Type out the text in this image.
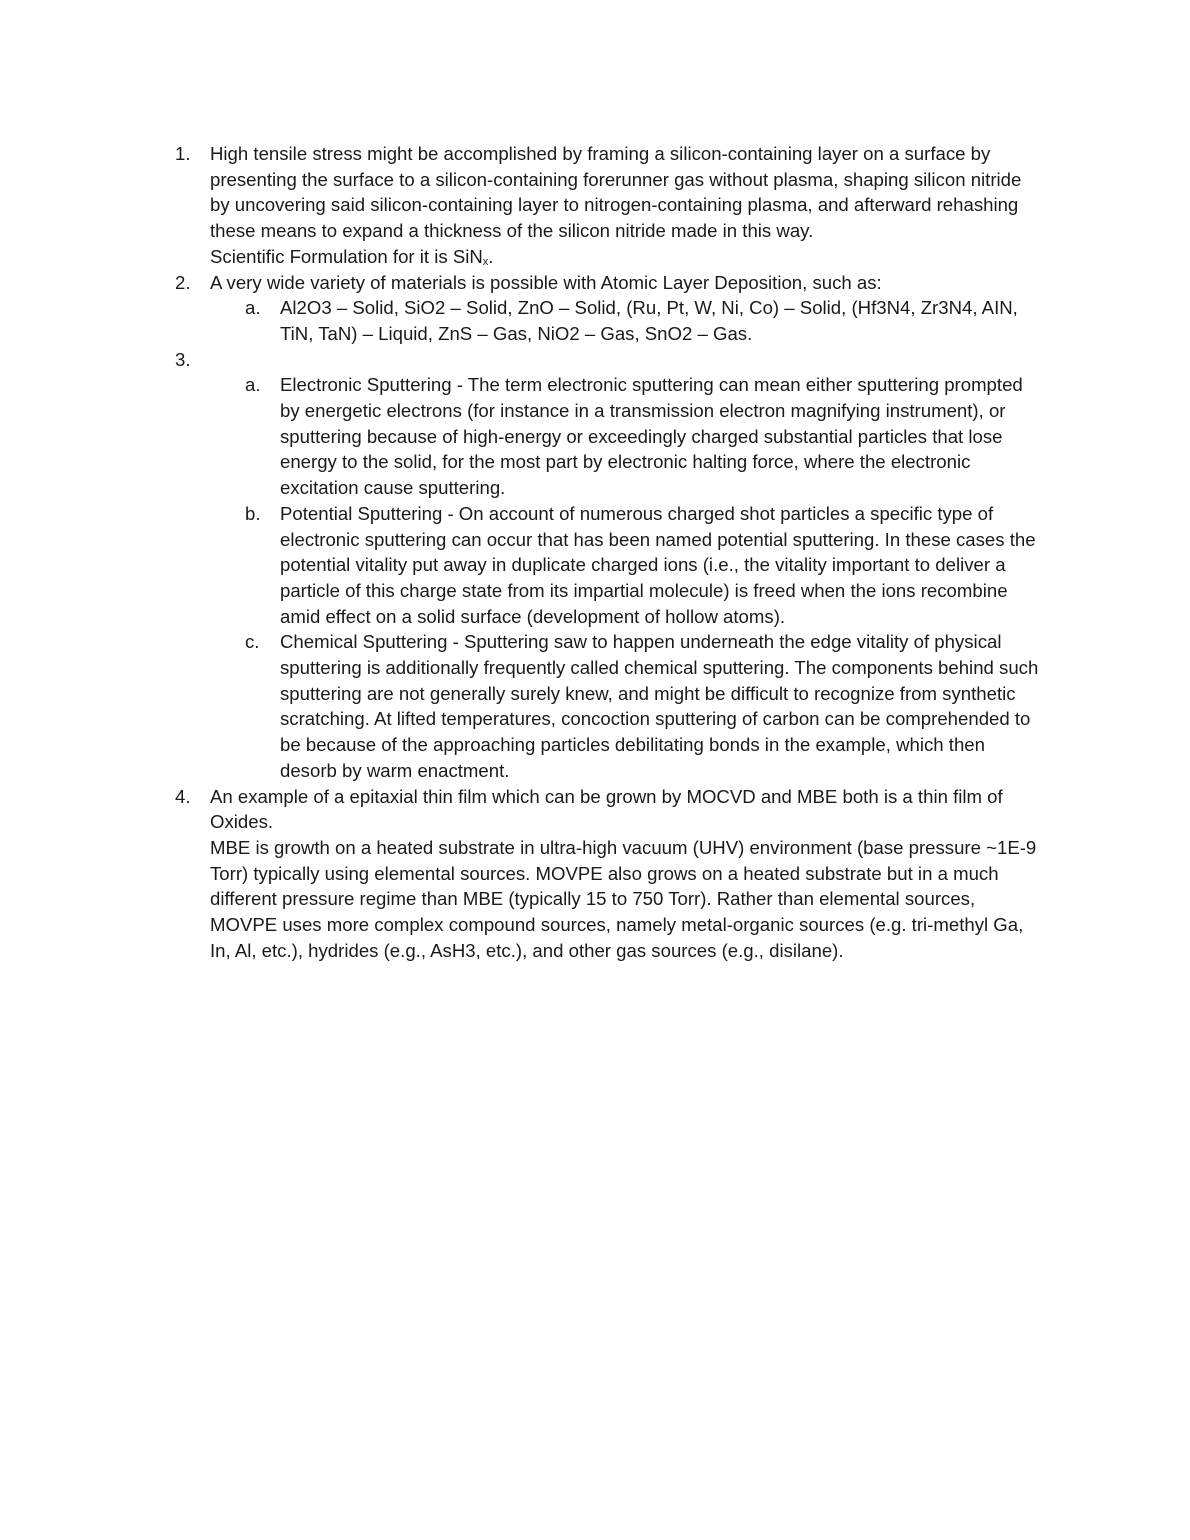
1. High tensile stress might be accomplished by framing a silicon-containing layer on a surface by presenting the surface to a silicon-containing forerunner gas without plasma, shaping silicon nitride by uncovering said silicon-containing layer to nitrogen-containing plasma, and afterward rehashing these means to expand a thickness of the silicon nitride made in this way.

Scientific Formulation for it is SiN$_x$.

2. A very wide variety of materials is possible with Atomic Layer Deposition, such as:

a. Al2O3 – Solid, SiO2 – Solid, ZnO – Solid, (Ru, Pt, W, Ni, Co) – Solid, (Hf3N4, Zr3N4, AIN, TiN, TaN) – Liquid, ZnS – Gas, NiO2 – Gas, SnO2 – Gas.

3.
a. Electronic Sputtering - The term electronic sputtering can mean either sputtering prompted by energetic electrons (for instance in a transmission electron magnifying instrument), or sputtering because of high-energy or exceedingly charged substantial particles that lose energy to the solid, for the most part by electronic halting force, where the electronic excitation cause sputtering.

b. Potential Sputtering - On account of numerous charged shot particles a specific type of electronic sputtering can occur that has been named potential sputtering. In these cases the potential vitality put away in duplicate charged ions (i.e., the vitality important to deliver a particle of this charge state from its impartial molecule) is freed when the ions recombine amid effect on a solid surface (development of hollow atoms).

c. Chemical Sputtering - Sputtering saw to happen underneath the edge vitality of physical sputtering is additionally frequently called chemical sputtering. The components behind such sputtering are not generally surely knew, and might be difficult to recognize from synthetic scratching. At lifted temperatures, concoction sputtering of carbon can be comprehended to be because of the approaching particles debilitating bonds in the example, which then desorb by warm enactment.

4. An example of a epitaxial thin film which can be grown by MOCVD and MBE both is a thin film of Oxides.

MBE is growth on a heated substrate in ultra-high vacuum (UHV) environment (base pressure ~1E-9 Torr) typically using elemental sources. MOVPE also grows on a heated substrate but in a much different pressure regime than MBE (typically 15 to 750 Torr). Rather than elemental sources, MOVPE uses more complex compound sources, namely metal-organic sources (e.g. tri-methyl Ga, In, Al, etc.), hydrides (e.g., AsH3, etc.), and other gas sources (e.g., disilane).
